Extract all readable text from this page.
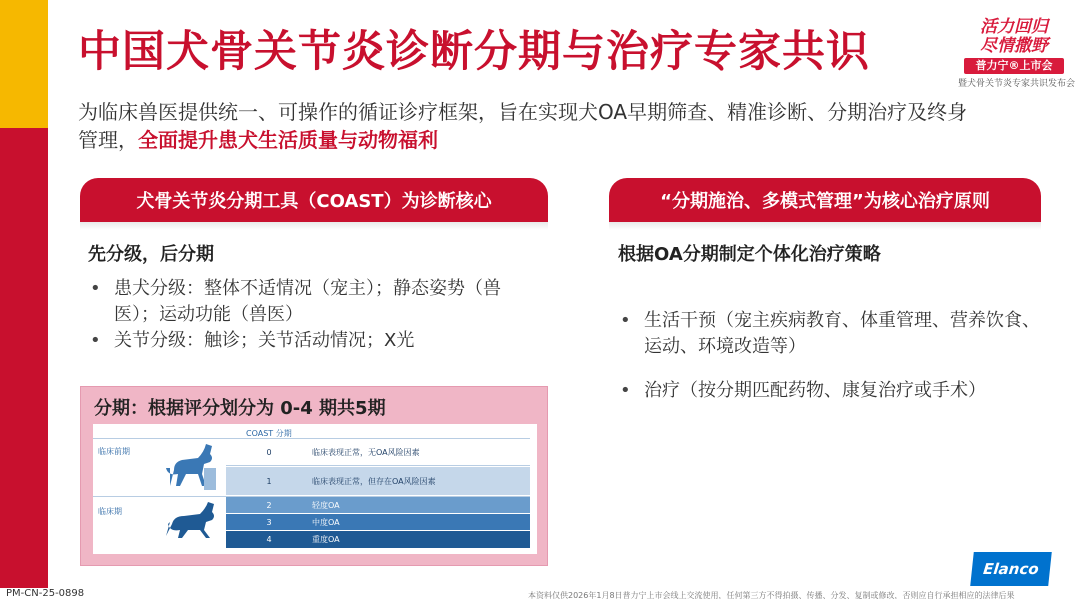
中国犬骨关节炎诊断分期与治疗专家共识	活力回归
尽情撒野
普力宁®上市会
暨犬骨关节炎专家共识发布会

为临床兽医提供统一、可操作的循证诊疗框架，旨在实现犬OA早期筛查、精准诊断、分期治疗及终身管理，全面提升患犬生活质量与动物福利

犬骨关节炎分期工具（COAST）为诊断核心
先分级，后分期
• 患犬分级：整体不适情况（宠主）；静态姿势（兽医）；运动功能（兽医）
• 关节分级：触诊；关节活动情况；X光
分期：根据评分划分为 0-4 期共5期
COAST 分期
临床前期
临床期
0	临床表现正常，无OA风险因素
1	临床表现正常，但存在OA风险因素
2	轻度OA
3	中度OA
4	重度OA
“分期施治、多模式管理”为核心治疗原则
根据OA分期制定个体化治疗策略
• 生活干预（宠主疾病教育、体重管理、营养饮食、运动、环境改造等）
• 治疗（按分期匹配药物、康复治疗或手术）
PM-CN-25-0898	本资料仅供2026年1月8日普力宁上市会线上交流使用，任何第三方不得拍摄、传播、分发、复制或修改，否则应自行承担相应的法律后果
Elanco
